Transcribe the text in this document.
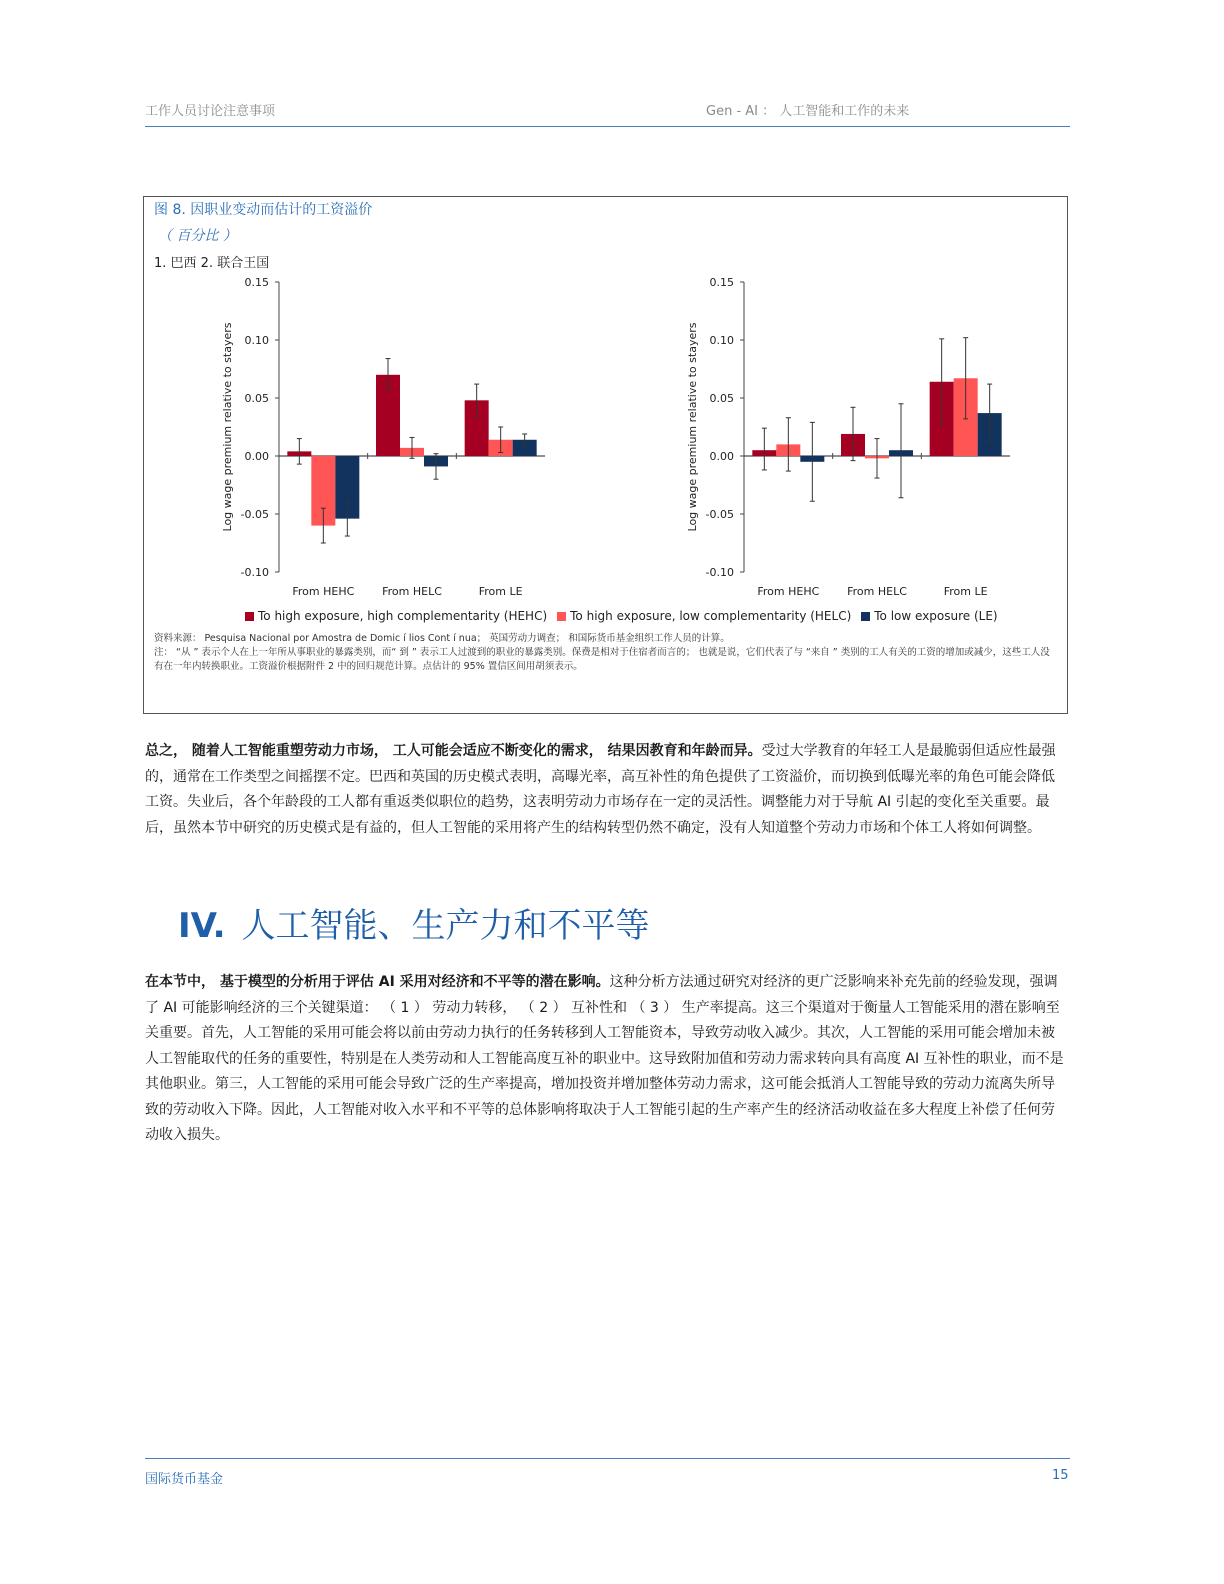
工作人员讨论注意事项	Gen - AI ： 人工智能和工作的未来
图 8. 因职业变动而估计的工资溢价
（ 百分比 ）
1. 巴西 2. 联合王国
Log wage premium relative to stayers
-0.10
-0.05
0.00
0.05
0.10
0.15
From HEHC	From HELC	From LE
Log wage premium relative to stayers
-0.10
-0.05
0.00
0.05
0.10
0.15
From HEHC	From HELC	From LE
To high exposure, high complementarity (HEHC) To high exposure, low complementarity (HELC) To low exposure (LE)
资料来源： Pesquisa Nacional por Amostra de Domic í lios Cont í nua； 英国劳动力调查； 和国际货币基金组织工作人员的计算。
注： “从 ” 表示个人在上一年所从事职业的暴露类别，而“ 到 ” 表示工人过渡到的职业的暴露类别。保费是相对于住宿者而言的； 也就是说，它们代表了与 “来自 ” 类别的工人有关的工资的增加或减少，这些工人没有在一年内转换职业。工资溢价根据附件 2 中的回归规范计算。点估计的 95% 置信区间用胡须表示。
总之， 随着人工智能重塑劳动力市场， 工人可能会适应不断变化的需求， 结果因教育和年龄而异。受过大学教育的年轻工人是最脆弱但适应性最强的，通常在工作类型之间摇摆不定。巴西和英国的历史模式表明，高曝光率，高互补性的角色提供了工资溢价，而切换到低曝光率的角色可能会降低工资。失业后，各个年龄段的工人都有重返类似职位的趋势，这表明劳动力市场存在一定的灵活性。调整能力对于导航 AI 引起的变化至关重要。最后，虽然本节中研究的历史模式是有益的，但人工智能的采用将产生的结构转型仍然不确定，没有人知道整个劳动力市场和个体工人将如何调整。
IV. 人工智能、生产力和不平等
在本节中， 基于模型的分析用于评估 AI 采用对经济和不平等的潜在影响。这种分析方法通过研究对经济的更广泛影响来补充先前的经验发现，强调了 AI 可能影响经济的三个关键渠道： （ 1 ） 劳动力转移， （ 2 ） 互补性和 （ 3 ） 生产率提高。这三个渠道对于衡量人工智能采用的潜在影响至关重要。首先，人工智能的采用可能会将以前由劳动力执行的任务转移到人工智能资本，导致劳动收入减少。其次，人工智能的采用可能会增加未被人工智能取代的任务的重要性，特别是在人类劳动和人工智能高度互补的职业中。这导致附加值和劳动力需求转向具有高度 AI 互补性的职业，而不是其他职业。第三，人工智能的采用可能会导致广泛的生产率提高，增加投资并增加整体劳动力需求，这可能会抵消人工智能导致的劳动力流离失所导致的劳动收入下降。因此，人工智能对收入水平和不平等的总体影响将取决于人工智能引起的生产率产生的经济活动收益在多大程度上补偿了任何劳动收入损失。
国际货币基金	15
